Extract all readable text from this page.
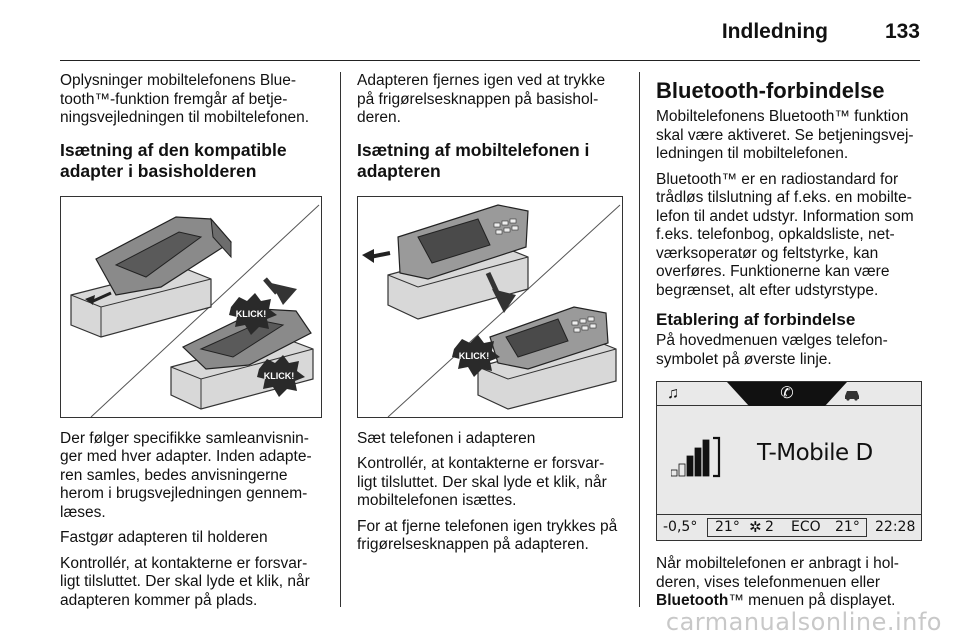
Indledning	133

Oplysninger mobiltelefonens Blue-tooth™-funktion fremgår af betje-ningsvejledningen til mobiltelefonen.

Isætning af den kompatible adapter i basisholderen
KLICK!
KLICK!

Der følger specifikke samleanvisnin-ger med hver adapter. Inden adapte-ren samles, bedes anvisningerne herom i brugsvejledningen gennem-læses.

Fastgør adapteren til holderen

Kontrollér, at kontakterne er forsvar-ligt tilsluttet. Der skal lyde et klik, når adapteren kommer på plads.

Adapteren fjernes igen ved at trykke på frigørelsesknappen på basishol-deren.

Isætning af mobiltelefonen i adapteren
KLICK!

Sæt telefonen i adapteren

Kontrollér, at kontakterne er forsvar-ligt tilsluttet. Der skal lyde et klik, når mobiltelefonen isættes.

For at fjerne telefonen igen trykkes på frigørelsesknappen på adapteren.

Bluetooth-forbindelse

Mobiltelefonens Bluetooth™ funktion skal være aktiveret. Se betjeningsvej-ledningen til mobiltelefonen.

Bluetooth™ er en radiostandard for trådløs tilslutning af f.eks. en mobilte-lefon til andet udstyr. Information som f.eks. telefonbog, opkaldsliste, net-værksoperatør og feltstyrke, kan overføres. Funktionerne kan være begrænset, alt efter udstyrstype.

Etablering af forbindelse

På hovedmenuen vælges telefon-symbolet på øverste linje.

♫	✆
T-Mobile D
-0,5° 21° ✲ 2 ECO 21° 22:28

Når mobiltelefonen er anbragt i hol-deren, vises telefonmenuen eller Bluetooth™ menuen på displayet.

carmanualsonline.info
